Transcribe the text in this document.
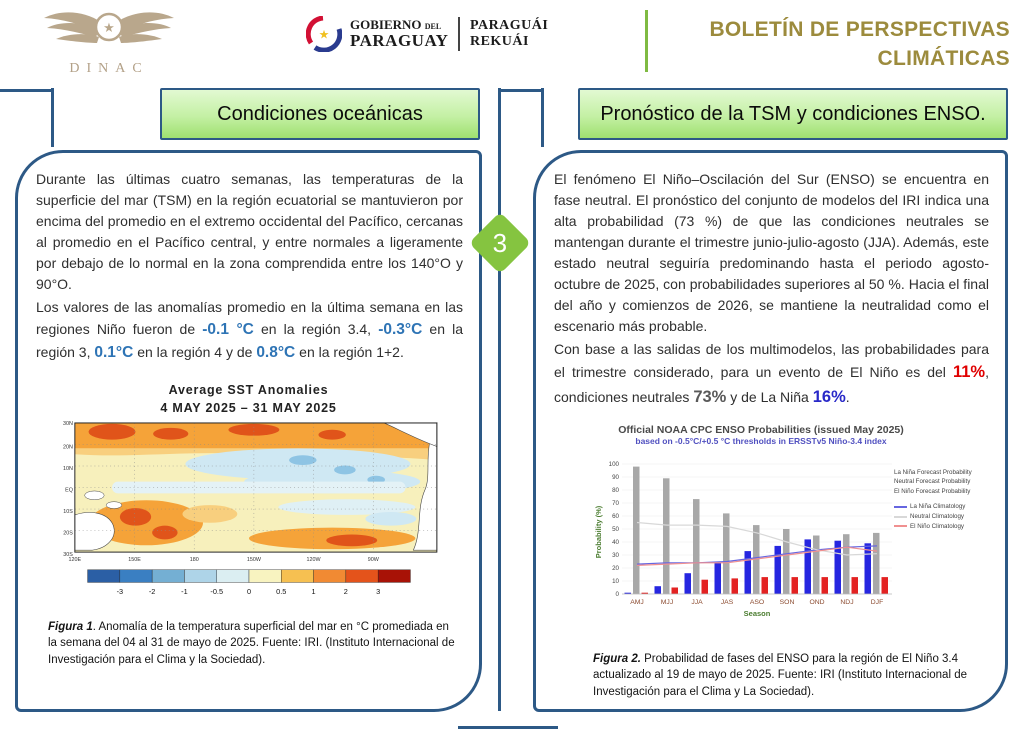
★
DINAC
★
GOBIERNO DEL
PARAGUAY
PARAGUÁI
REKUÁI
BOLETÍN DE PERSPECTIVAS
CLIMÁTICAS
Condiciones oceánicas	Pronóstico de la TSM y condiciones ENSO.

Durante las últimas cuatro semanas, las temperaturas de la superficie del mar (TSM) en la región ecuatorial se mantuvieron por encima del promedio en el extremo occidental del Pacífico, cercanas al promedio en el Pacífico central, y entre normales a ligeramente por debajo de lo normal en la zona comprendida entre los 140°O y 90°O.

Los valores de las anomalías promedio en la última semana en las regiones Niño fueron de -0.1 °C en la región 3.4, -0.3°C en la región 3, 0.1°C en la región 4 y de 0.8°C en la región 1+2.

Average SST Anomalies
4 MAY 2025 – 31 MAY 2025
30N
20N
10N
EQ
10S
20S
30S
120E	150E	180	150W	120W	90W
-3	-2	-1	-0.5	0	0.5	1	2	3

Figura 1. Anomalía de la temperatura superficial del mar en °C promediada en la semana del 04 al 31 de mayo de 2025. Fuente: IRI. (Instituto Internacional de Investigación para el Clima y la Sociedad).

El fenómeno El Niño–Oscilación del Sur (ENSO) se encuentra en fase neutral. El pronóstico del conjunto de modelos del IRI indica una alta probabilidad (73 %) de que las condiciones neutrales se mantengan durante el trimestre junio-julio-agosto (JJA). Además, este estado neutral seguiría predominando hasta el periodo agosto-octubre de 2025, con probabilidades superiores al 50 %. Hacia el final del año y comienzos de 2026, se mantiene la neutralidad como el escenario más probable.

Con base a las salidas de los multimodelos, las probabilidades para el trimestre considerado, para un evento de El Niño es del 11%, condiciones neutrales 73% y de La Niña 16%.

Official NOAA CPC ENSO Probabilities (issued May 2025)
based on -0.5°C/+0.5 °C thresholds in ERSSTv5 Niño-3.4 index
0
10
20
30
40
50
60
70
80
90
100
AMJ MJJ	JJA	JAS ASO SON OND NDJ	DJF
Season
Probability (%)
La Niña Forecast Probability
Neutral Forecast Probability
El Niño Forecast Probability
La Niña Climatology
Neutral Climatology
El Niño Climatology

Figura 2. Probabilidad de fases del ENSO para la región de El Niño 3.4 actualizado al 19 de mayo de 2025. Fuente: IRI (Instituto Internacional de Investigación para el Clima y La Sociedad).

3
